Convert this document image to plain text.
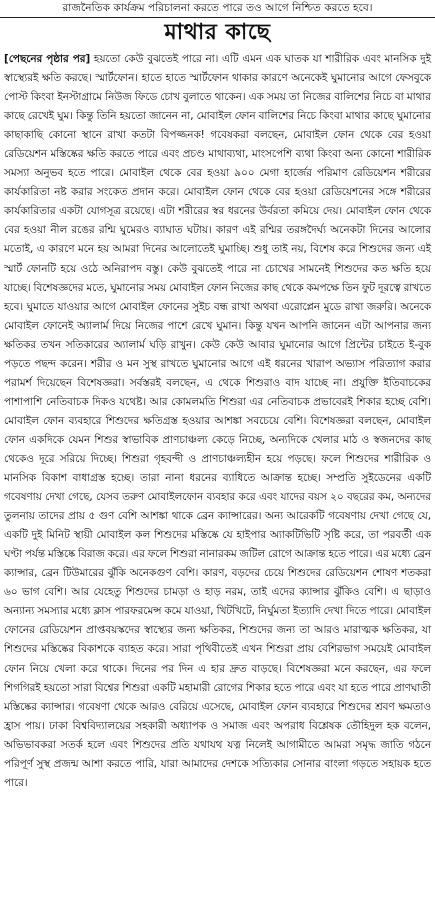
রাজনৈতিক কার্যক্রম পরিচালনা করতে পারে তও আগে নিশ্চিত করতে হবে।
মাথার কাছে
[পেছনের পৃষ্ঠার পর] হয়তো কেউ বুঝতেই পারে না। এটি এমন এক ঘাতক যা শারীরিক এবং মানসিক দুই স্বাস্থ্যেরই ক্ষতি করছে। স্মার্টফোন। হাতে হাতে স্মার্টফোন থাকার কারণে অনেকেই ঘুমানোর আগে ফেসবুকে পোস্ট কিংবা ইনস্টাগ্রামে নিউজ ফিডে চোখ বুলাতে থাকেন। এক সময় তা নিজের বালিশের নিচে বা মাথার কাছে রেখেই ঘুম। কিন্তু তিনি হয়তো জানেন না, মোবাইল ফোন বালিশের নিচে কিংবা মাথার কাছে ঘুমানোর কাছাকাছি কোনো স্থানে রাখা কতটা বিপজ্জনক! গবেষকরা বলছেন, মোবাইল ফোন থেকে বের হওয়া রেডিয়েশন মস্তিষ্কের ক্ষতি করতে পারে এবং প্রচণ্ড মাথাব্যথা, মাংসপেশি ব্যথা কিংবা অন্য কোনো শারীরিক সমস্যা অনুভব হতে পারে। মোবাইল থেকে বের হওয়া ৯০০ মেগা হার্জের পরিমাণ রেডিয়েশন শরীরের কার্যকারিতা নষ্ট করার সংকেত প্রদান করে। মোবাইল ফোন থেকে বের হওয়া রেডিয়েশনের সঙ্গে শরীরের কার্যকারিতার একটা যোগসূত্র রয়েছে। এটা শরীরের স্বর ধরনের উর্বরতা কমিয়ে দেয়। মোবাইল ফোন থেকে বের হওয়া নীল রঙের রশ্মি ঘুমেরও ব্যাঘাত ঘটায়। কারণ এই রশ্মির তরঙ্গদৈর্ঘ্য অনেকটা দিনের আলোর মতোই, এ কারণে মনে হয় আমরা দিনের আলোতেই ঘুমাচ্ছি। শুধু তাই নয়, বিশেষ করে শিশুদের জন্য এই স্মার্ট ফোনটি হয়ে ওঠে অনিরাপদ বস্তু। কেউ বুঝতেই পারে না চোখের সামনেই শিশুদের কত ক্ষতি হয়ে যাচ্ছে। বিশেষজ্ঞদের মতে, ঘুমানোর সময় মোবাইল ফোন নিজের কাছ থেকে কমপক্ষে তিন ফুট দূরত্বে রাখতে হবে। ঘুমাতে যাওয়ার আগে মোবাইল ফোনের সুইচ বন্ধ রাখা অথবা এরোপ্লেন মুডে রাখা জরুরি। অনেকে মোবাইল ফোনেই অ্যালার্ম দিয়ে নিজের পাশে রেখে ঘুমান। কিন্তু যখন আপনি জানেন এটা আপনার জন্য ক্ষতিকর তখন সতিকারের অ্যালার্ম ঘড়ি রাখুন। কেউ কেউ আবার ঘুমানোর আগে প্রিন্টের চাইতে ই-বুক পড়তে পছন্দ করেন। শরীর ও মন সুস্থ রাখতে ঘুমানোর আগে এই ধরনের খারাপ অভ্যাস পরিত্যাগ করার পরামর্শ দিয়েছেন বিশেষজ্ঞরা। সর্বস্তরই বলছেন, এ থেকে শিশুরাও বাদ যাচ্ছে না। প্রযুক্তি ইতিবাচকের পাশাপাশি নেতিবাচক দিকও যথেষ্ট। আর কোমলমতি শিশুরা এর নেতিবাচক প্রভাবেরই শিকার হচ্ছে বেশি। মোবাইল ফোন ব্যবহারে শিশুদের ক্ষতিগ্রস্ত হওয়ার আশঙ্কা সবচেয়ে বেশি। বিশেষজ্ঞরা বলছেন, মোবাইল ফোন একদিকে যেমন শিশুর স্বাভাবিক প্রাণচাঞ্চল্য কেড়ে নিচ্ছে, অন্যদিকে খেলার মাঠ ও স্বজনদের কাছ থেকেও দূরে সরিয়ে দিচ্ছে। শিশুরা গৃহবন্দী ও প্রাণচাঞ্চল্যহীন হয়ে পড়ছে। ফলে শিশুদের শারীরিক ও মানসিক বিকাশ বাধাগ্রস্ত হচ্ছে। তারা নানা ধরনের ব্যাধিতে আক্রান্ত হচ্ছে। সম্প্রতি সুইডেনের একটি গবেষণায় দেখা গেছে, যেসব তরুণ মোবাইলফোন ব্যবহার করে এবং যাদের বয়স ২০ বছরের কম, অন্যদের তুলনায় তাদের প্রায় ৫ গুণ বেশি আশঙ্কা থাকে ব্রেন ক্যান্সারের। অন্য আরেকটি গবেষণায় দেখা গেছে যে, একটি দুই মিনিট স্থায়ী মোবাইল কল শিশুদের মস্তিষ্কে যে হাইপার অ্যাকটিভিটি সৃষ্টি করে, তা পরবর্তী এক ঘণ্টা পর্যন্ত মস্তিষ্কে বিরাজ করে। এর ফলে শিশুরা নানারকম জটিল রোগে আক্রান্ত হতে পারে। এর মধ্যে ব্রেন ক্যান্সার, ব্রেন টিউমারের ঝুঁকি অনেকগুণ বেশি। কারণ, বড়দের চেয়ে শিশুদের রেডিয়েশন শোষণ শতকরা ৬০ ভাগ বেশি। আর যেহেতু শিশুদের চামড়া ও হাড় নরম, তাই এদের ক্যান্সার ঝুঁকিও বেশি। এ ছাড়াও অন্যান্য সমস্যার মধ্যে ক্লাস পারফরমেন্স কমে যাওয়া, খিটখিটে, নির্ঘুমতা ইত্যাদি দেখা দিতে পারে। মোবাইল ফোনের রেডিয়েশন প্রাপ্তবয়স্কদের স্বাস্থ্যের জন্য ক্ষতিকর, শিশুদের জন্য তা আরও মারাত্মক ক্ষতিকর, যা শিশুদের মস্তিষ্কের বিকাশকে ব্যাহত করে। সারা পৃথিবীতেই এখন শিশুরা প্রায় বেশিরভাগ সময়েই মোবাইল ফোন নিয়ে খেলা করে থাকে। দিনের পর দিন এ হার দ্রুত বাড়ছে। বিশেষজ্ঞরা মনে করছেন, এর ফলে শিগগিরই হয়তো সারা বিশ্বের শিশুরা একটি মহামারী রোগের শিকার হতে পারে এবং যা হতে পারে প্রাণঘাতী মস্তিষ্কের ক্যান্সার। গবেষণা থেকে আরও বেরিয়ে এসেছে, মোবাইল ফোন ব্যবহারে শিশুদের শ্রবণ ক্ষমতাও হ্রাস পায়। ঢাকা বিশ্ববিদ্যালয়ের সহকারী অধ্যাপক ও সমাজ এবং অপরাধ বিশ্লেষক তৌহিদুল হক বলেন, অভিভাবকরা সতর্ক হলে এবং শিশুদের প্রতি যথাযথ যত্ন নিলেই আগামীতে আমরা সমৃদ্ধ জাতি গঠনে পরিপূর্ণ সুস্থ প্রজন্ম আশা করতে পারি, যারা আমাদের দেশকে সত্যিকার সোনার বাংলা গড়তে সহায়ক হতে পারে।
